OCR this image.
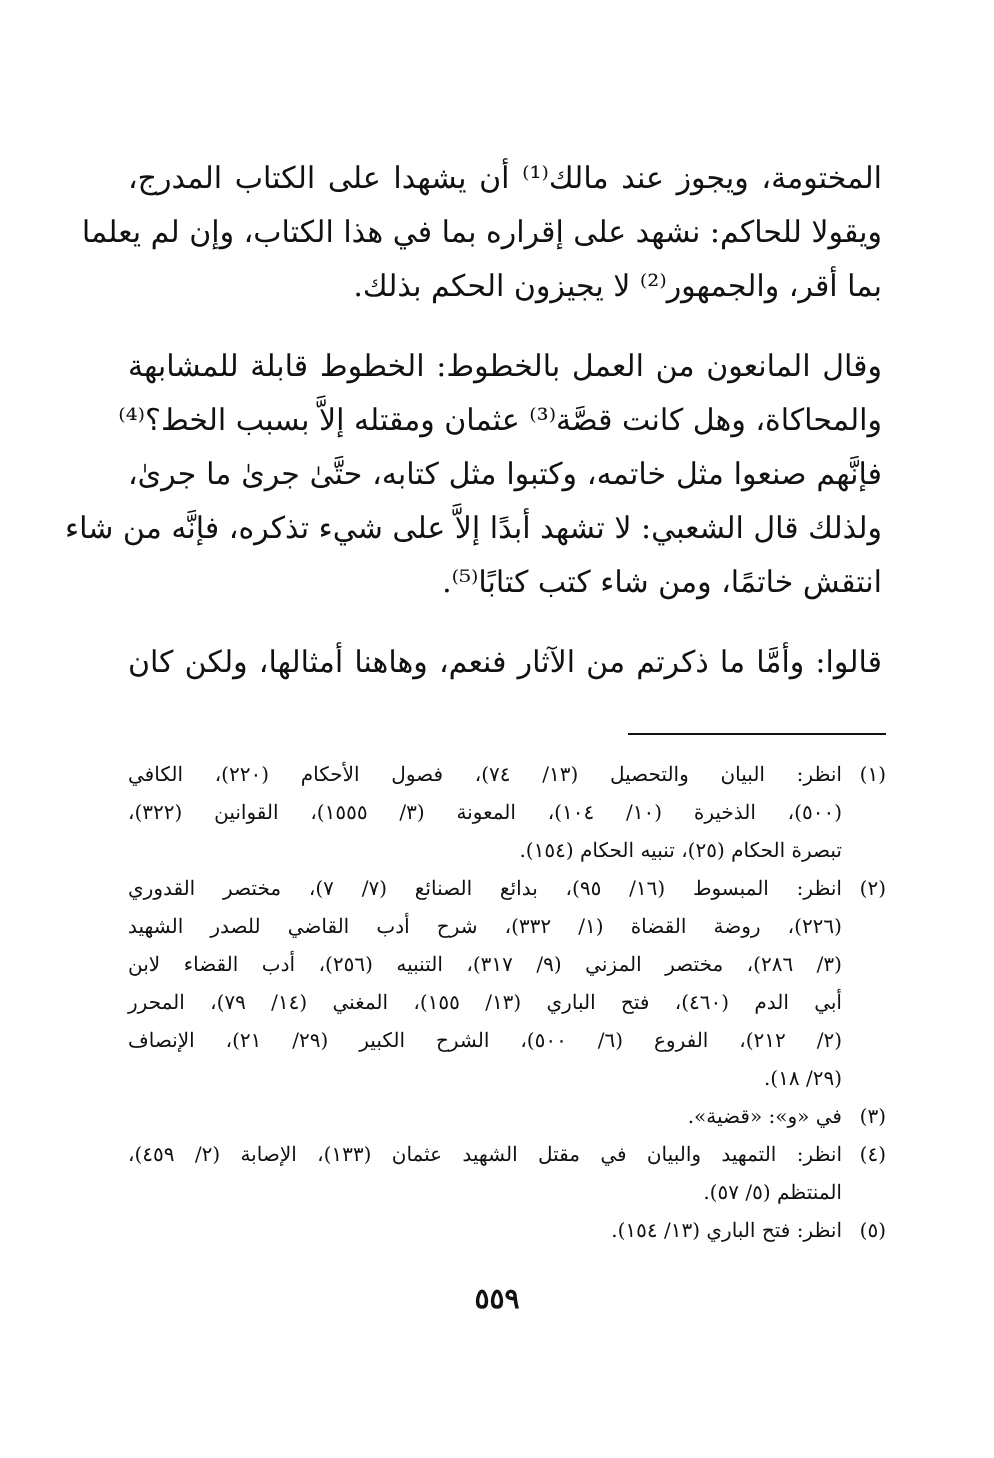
المختومة، ويجوز عند مالك⁽¹⁾ أن يشهدا على الكتاب المدرج،
ويقولا للحاكم: نشهد على إقراره بما في هذا الكتاب، وإن لم يعلما
بما أقر، والجمهور⁽²⁾ لا يجيزون الحكم بذلك.
وقال المانعون من العمل بالخطوط: الخطوط قابلة للمشابهة
والمحاكاة، وهل كانت قصَّة⁽³⁾ عثمان ومقتله إلاَّ بسبب الخط؟⁽⁴⁾
فإنَّهم صنعوا مثل خاتمه، وكتبوا مثل كتابه، حتَّىٰ جرىٰ ما جرىٰ،
ولذلك قال الشعبي: لا تشهد أبدًا إلاَّ على شيء تذكره، فإنَّه من شاء
انتقش خاتمًا، ومن شاء كتب كتابًا⁽⁵⁾.
قالوا: وأمَّا ما ذكرتم من الآثار فنعم، وهاهنا أمثالها، ولكن كان
(١)
انظر: البيان والتحصيل (١٣/ ٧٤)، فصول الأحكام (٢٢٠)، الكافي
(٥٠٠)، الذخيرة (١٠/ ١٠٤)، المعونة (٣/ ١٥٥٥)، القوانين (٣٢٢)،
تبصرة الحكام (٢٥)، تنبيه الحكام (١٥٤).
(٢)
انظر: المبسوط (١٦/ ٩٥)، بدائع الصنائع (٧/ ٧)، مختصر القدوري
(٢٢٦)، روضة القضاة (١/ ٣٣٢)، شرح أدب القاضي للصدر الشهيد
(٣/ ٢٨٦)، مختصر المزني (٩/ ٣١٧)، التنبيه (٢٥٦)، أدب القضاء لابن
أبي الدم (٤٦٠)، فتح الباري (١٣/ ١٥٥)، المغني (١٤/ ٧٩)، المحرر
(٢/ ٢١٢)، الفروع (٦/ ٥٠٠)، الشرح الكبير (٢٩/ ٢١)، الإنصاف
(٢٩/ ١٨).
(٣)
في «و»: «قضية».
(٤)
انظر: التمهيد والبيان في مقتل الشهيد عثمان (١٣٣)، الإصابة (٢/ ٤٥٩)،
المنتظم (٥/ ٥٧).
(٥)
انظر: فتح الباري (١٣/ ١٥٤).
٥٥٩
